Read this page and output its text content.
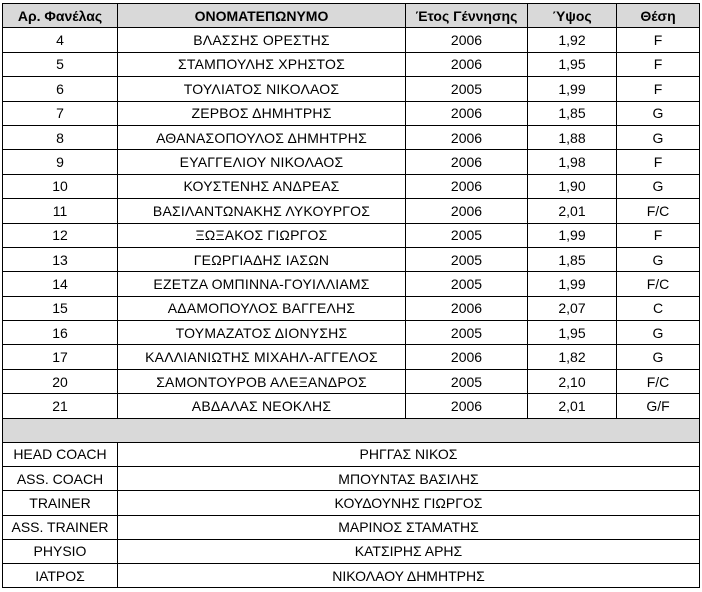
Αρ. Φανέλας	ΟΝΟΜΑΤΕΠΩΝΥΜΟ	Έτος Γέννησης	Ύψος	Θέση
4	ΒΛΑΣΣΗΣ ΟΡΕΣΤΗΣ	2006	1,92	F
5	ΣΤΑΜΠΟΥΛΗΣ ΧΡΗΣΤΟΣ	2006	1,95	F
6	ΤΟΥΛΙΑΤΟΣ ΝΙΚΟΛΑΟΣ	2005	1,99	F
7	ΖΕΡΒΟΣ ΔΗΜΗΤΡΗΣ	2006	1,85	G
8	ΑΘΑΝΑΣΟΠΟΥΛΟΣ ΔΗΜΗΤΡΗΣ	2006	1,88	G
9	ΕΥΑΓΓΕΛΙΟΥ ΝΙΚΟΛΑΟΣ	2006	1,98	F
10	ΚΟΥΣΤΕΝΗΣ ΑΝΔΡΕΑΣ	2006	1,90	G
11	ΒΑΣΙΛΑΝΤΩΝΑΚΗΣ ΛΥΚΟΥΡΓΟΣ	2006	2,01	F/C
12	ΞΩΞΑΚΟΣ ΓΙΩΡΓΟΣ	2005	1,99	F
13	ΓΕΩΡΓΙΑΔΗΣ ΙΑΣΩΝ	2005	1,85	G
14	ΕΖΕΤΖΑ ΟΜΠΙΝΝΑ-ΓΟΥΙΛΛΙΑΜΣ	2005	1,99	F/C
15	ΑΔΑΜΟΠΟΥΛΟΣ ΒΑΓΓΕΛΗΣ	2006	2,07	C
16	ΤΟΥΜΑΖΑΤΟΣ ΔΙΟΝΥΣΗΣ	2005	1,95	G
17	ΚΑΛΛΙΑΝΙΩΤΗΣ ΜΙΧΑΗΛ-ΑΓΓΕΛΟΣ	2006	1,82	G
20	ΣΑΜΟΝΤΟΥΡΟΒ ΑΛΕΞΑΝΔΡΟΣ	2005	2,10	F/C
21	ΑΒΔΑΛΑΣ ΝΕΟΚΛΗΣ	2006	2,01	G/F

HEAD COACH	ΡΗΓΓΑΣ ΝΙΚΟΣ			
ASS. COACH	ΜΠΟΥΝΤΑΣ ΒΑΣΙΛΗΣ			
TRAINER	ΚΟΥΔΟΥΝΗΣ ΓΙΩΡΓΟΣ			
ASS. TRAINER	ΜΑΡΙΝΟΣ ΣΤΑΜΑΤΗΣ			
PHYSIO	ΚΑΤΣΙΡΗΣ ΑΡΗΣ			
ΙΑΤΡΟΣ	ΝΙΚΟΛΑΟΥ ΔΗΜΗΤΡΗΣ			
